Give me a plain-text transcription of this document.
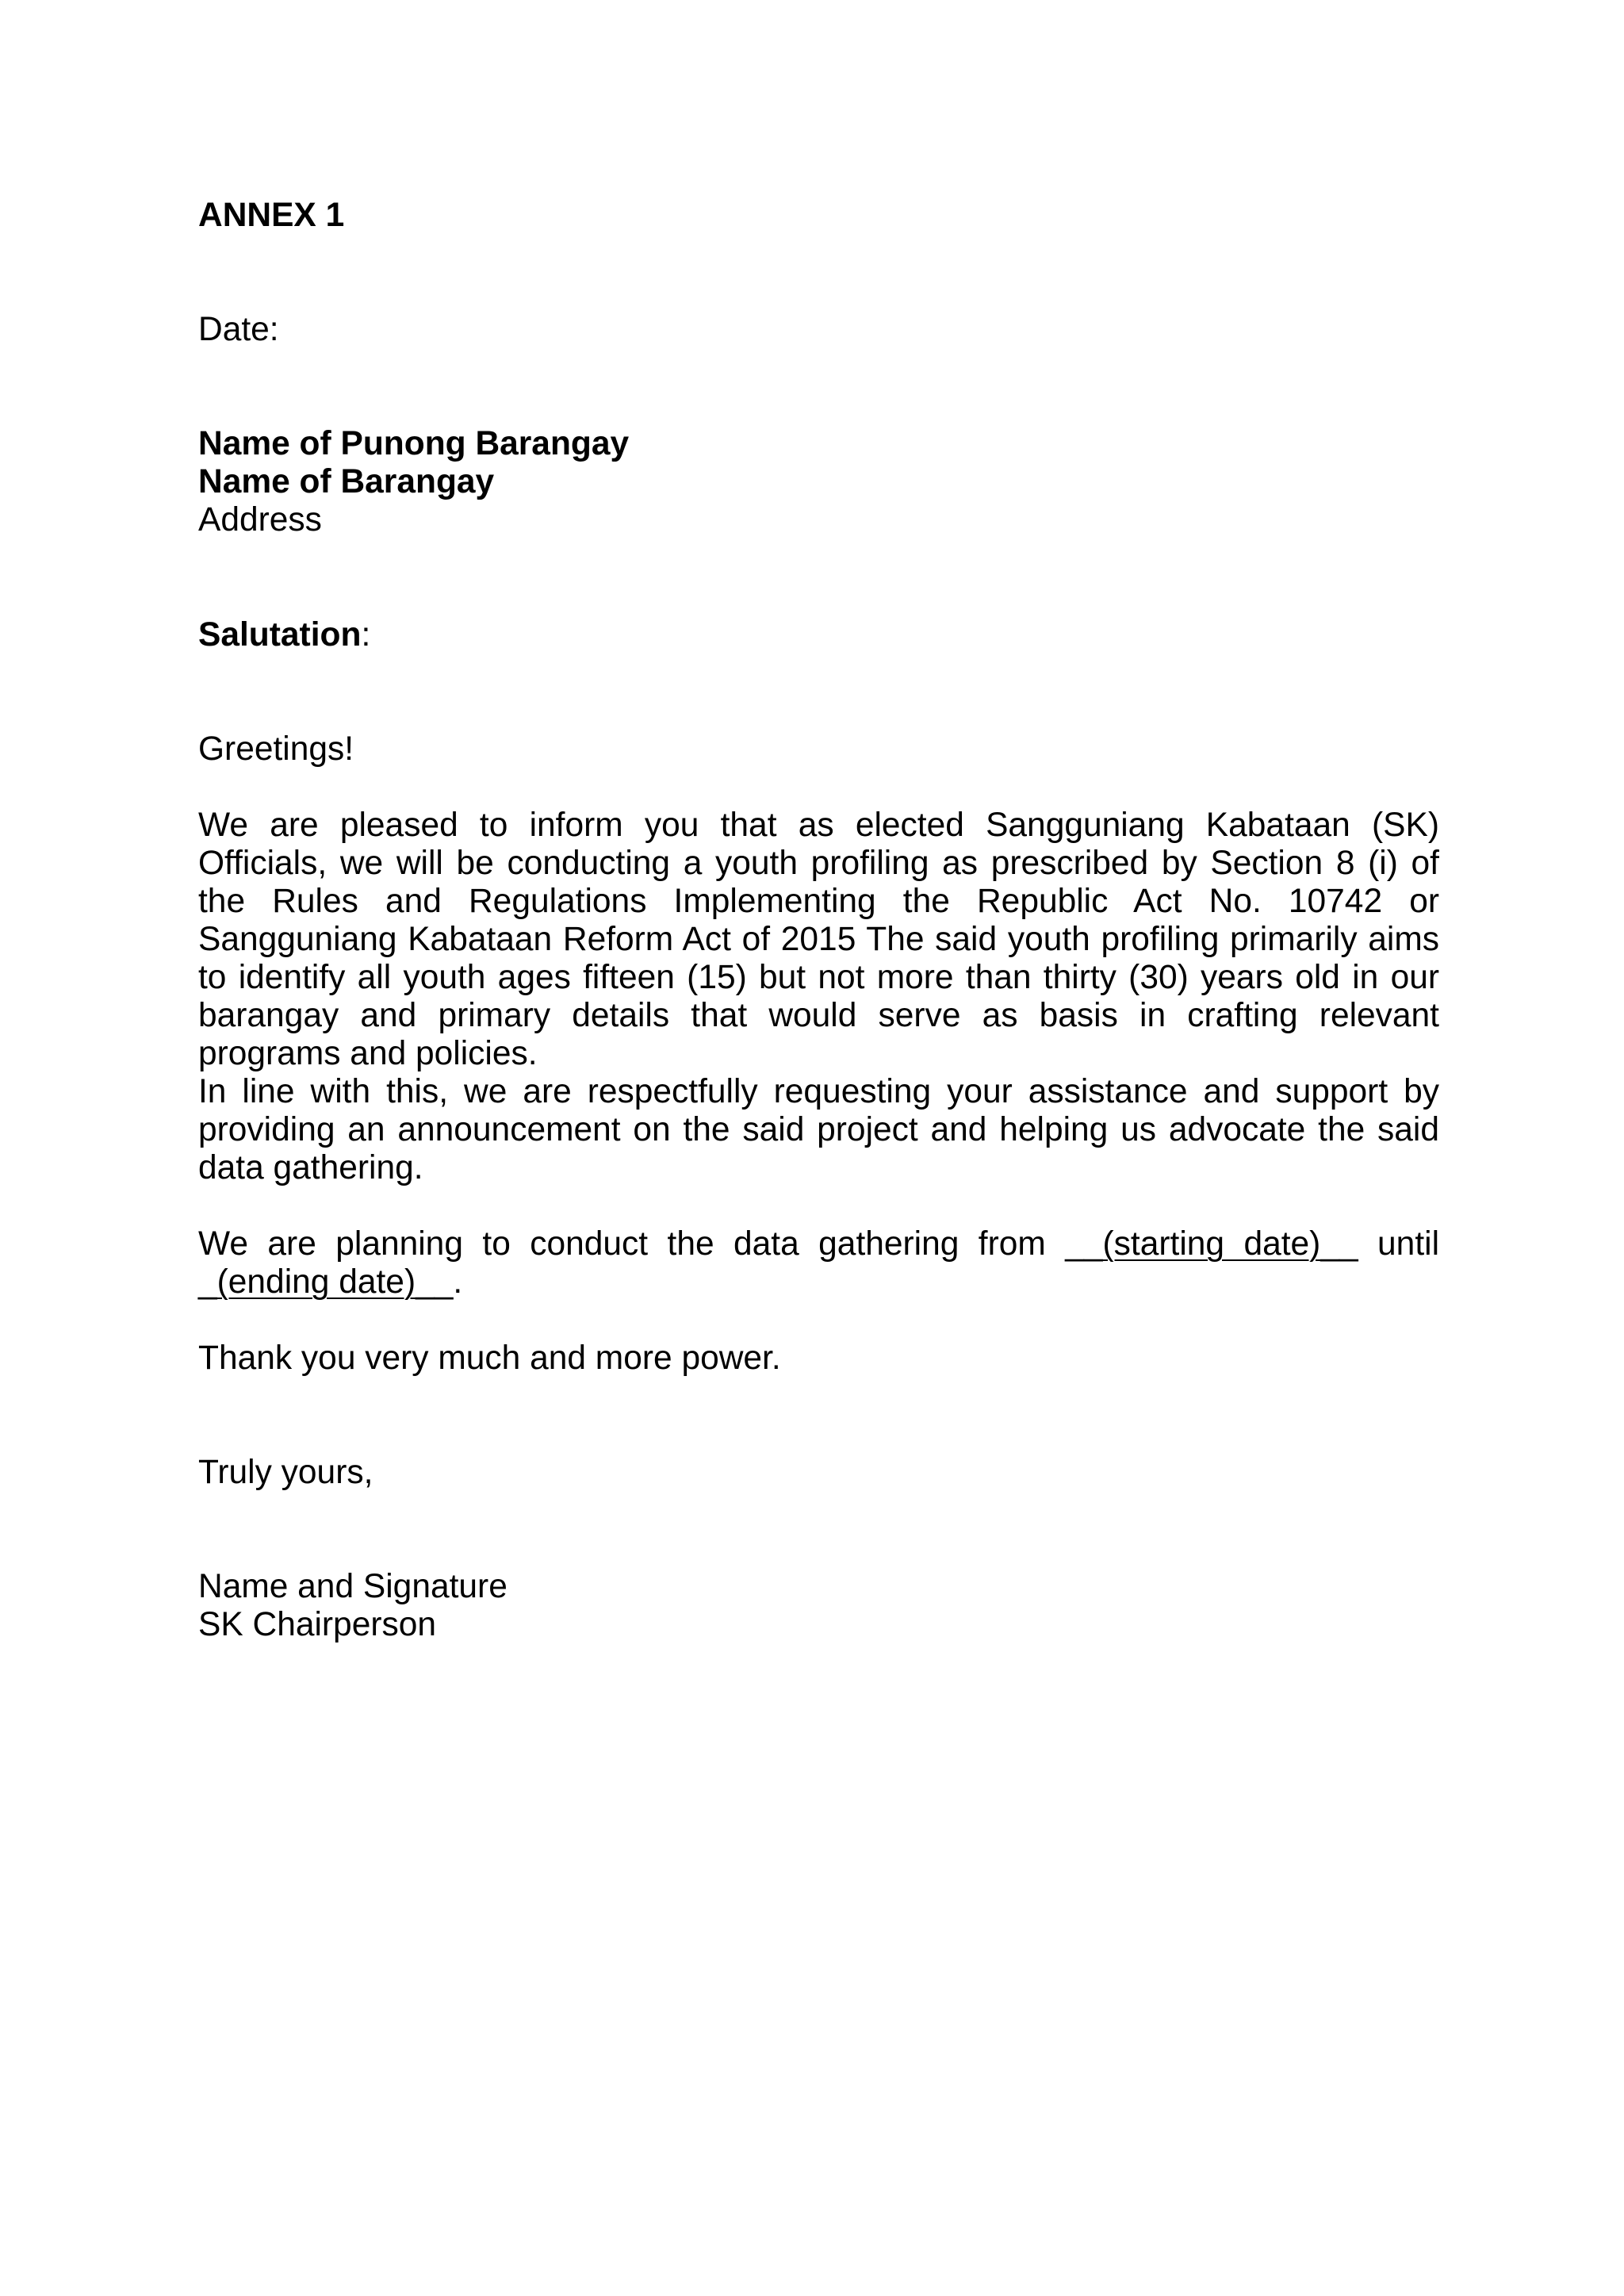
ANNEX 1

Date:

Name of Punong Barangay
Name of Barangay
Address

Salutation:

Greetings!

We are pleased to inform you that as elected Sangguniang Kabataan (SK) Officials, we will be conducting a youth profiling as prescribed by Section 8 (i) of the Rules and Regulations Implementing the Republic Act No. 10742 or Sangguniang Kabataan Reform Act of 2015 The said youth profiling primarily aims to identify all youth ages fifteen (15) but not more than thirty (30) years old in our barangay and primary details that would serve as basis in crafting relevant programs and policies.

In line with this, we are respectfully requesting your assistance and support by providing an announcement on the said project and helping us advocate the said data gathering.

We are planning to conduct the data gathering from __(starting date)__ until _(ending date)__.

Thank you very much and more power.

Truly yours,

Name and Signature
SK Chairperson
